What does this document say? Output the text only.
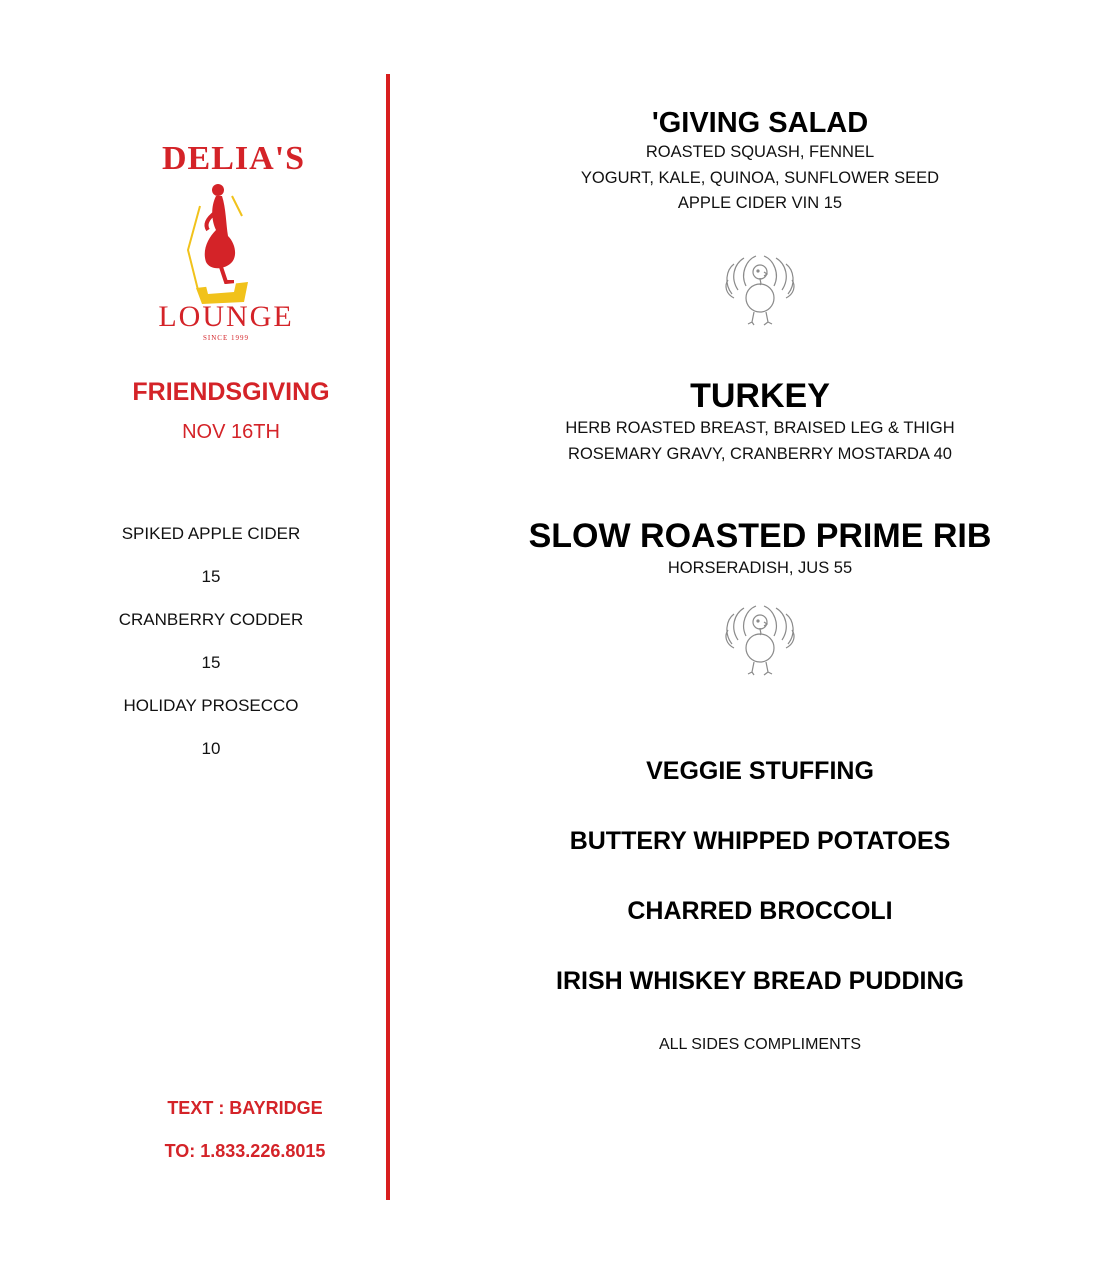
DELIA'S
LOUNGE
SINCE 1999
FRIENDSGIVING
NOV 16TH
SPIKED APPLE CIDER
15
CRANBERRY CODDER
15
HOLIDAY PROSECCO
10
TEXT : BAYRIDGE
TO: 1.833.226.8015
'GIVING SALAD
ROASTED SQUASH, FENNEL
YOGURT, KALE, QUINOA, SUNFLOWER SEED
APPLE CIDER VIN 15
TURKEY
HERB ROASTED BREAST, BRAISED LEG & THIGH
ROSEMARY GRAVY, CRANBERRY MOSTARDA 40
SLOW ROASTED PRIME RIB
HORSERADISH, JUS 55
VEGGIE STUFFING
BUTTERY WHIPPED POTATOES
CHARRED BROCCOLI
IRISH WHISKEY BREAD PUDDING
ALL SIDES COMPLIMENTS
